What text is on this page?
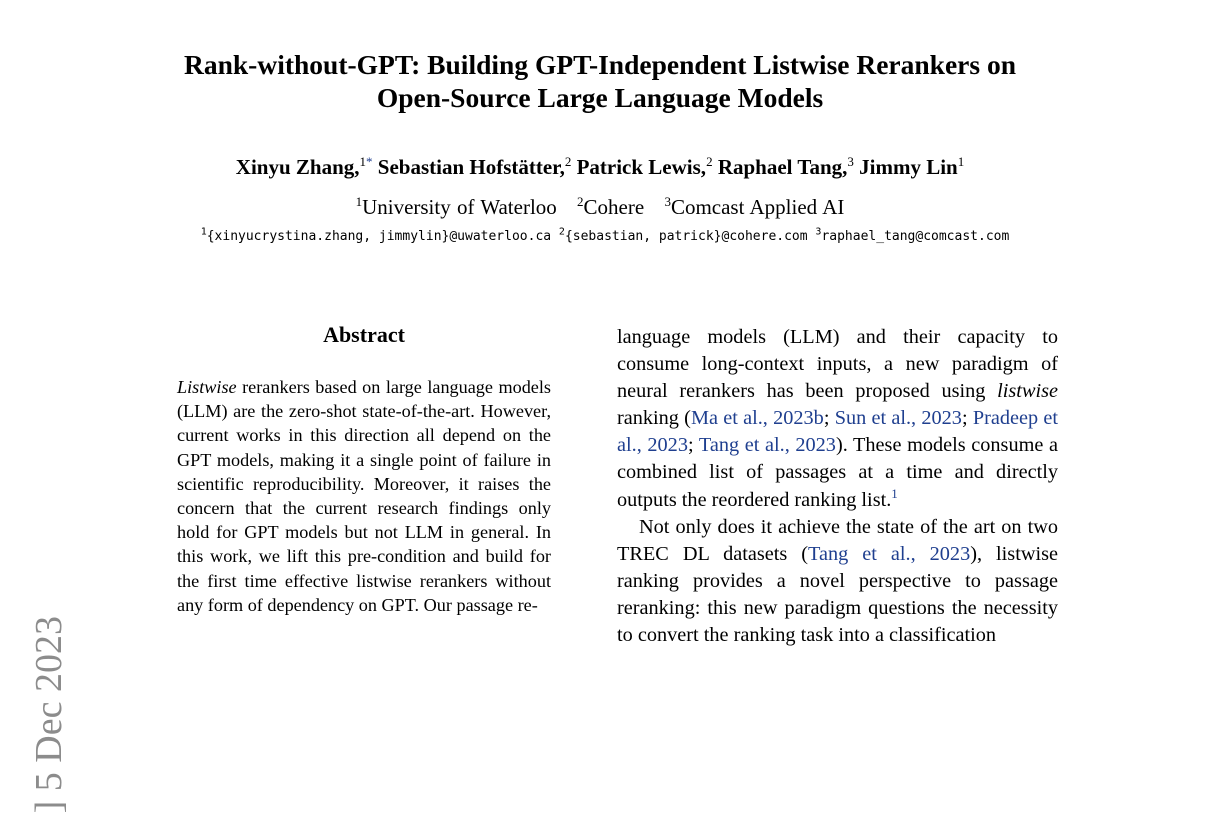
Rank-without-GPT: Building GPT-Independent Listwise Rerankers on
Open-Source Large Language Models
Xinyu Zhang,$^{1*}$ Sebastian Hofstätter,$^2$ Patrick Lewis,$^2$ Raphael Tang,$^3$ Jimmy Lin$^1$
$^1$University of Waterloo $^2$Cohere $^3$Comcast Applied AI
$^1${xinyucrystina.zhang, jimmylin}@uwaterloo.ca $^2${sebastian, patrick}@cohere.com $^3$raphael_tang@comcast.com
] 5 Dec 2023
Abstract
Listwise rerankers based on large language models (LLM) are the zero-shot state-of-the-art. However, current works in this direction all depend on the GPT models, making it a single point of failure in scientific reproducibility. Moreover, it raises the concern that the current research findings only hold for GPT models but not LLM in general. In this work, we lift this pre-condition and build for the first time effective listwise rerankers without any form of dependency on GPT. Our passage re-

language models (LLM) and their capacity to consume long-context inputs, a new paradigm of neural rerankers has been proposed using listwise ranking (Ma et al., 2023b; Sun et al., 2023; Pradeep et al., 2023; Tang et al., 2023). These models consume a combined list of passages at a time and directly outputs the reordered ranking list.$^1$

Not only does it achieve the state of the art on two TREC DL datasets (Tang et al., 2023), listwise ranking provides a novel perspective to passage reranking: this new paradigm questions the necessity to convert the ranking task into a classification
